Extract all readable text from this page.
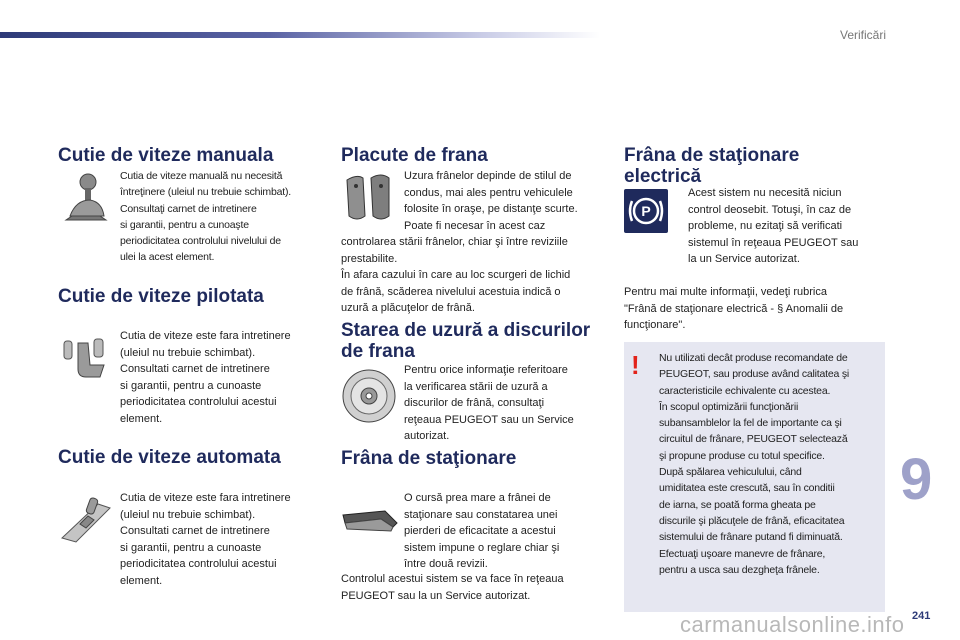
Verificări
Cutie de viteze manuala

Cutia de viteze manuală nu necesită
întreţinere (uleiul nu trebuie schimbat).
Consultaţi carnet de intretinere
si garantii, pentru a cunoaşte
periodicitatea controlului nivelului de
ulei la acest element.

Cutie de viteze pilotata

Cutia de viteze este fara intretinere
(uleiul nu trebuie schimbat).
Consultati carnet de intretinere
si garantii, pentru a cunoaste
periodicitatea controlului acestui
element.

Cutie de viteze automata

Cutia de viteze este fara intretinere
(uleiul nu trebuie schimbat).
Consultati carnet de intretinere
si garantii, pentru a cunoaste
periodicitatea controlului acestui
element.

Placute de frana

Uzura frânelor depinde de stilul de
condus, mai ales pentru vehiculele
folosite în oraşe, pe distanţe scurte.
Poate fi necesar în acest caz

controlarea stării frânelor, chiar şi între reviziile
prestabilite.
În afara cazului în care au loc scurgeri de lichid
de frână, scăderea nivelului acestuia indică o
uzură a plăcuţelor de frână.

Starea de uzură a discurilor
de frana

Pentru orice informaţie referitoare
la verificarea stării de uzură a
discurilor de frână, consultaţi
reţeaua PEUGEOT sau un Service
autorizat.

Frâna de staţionare

O cursă prea mare a frânei de
staţionare sau constatarea unei
pierderi de eficacitate a acestui
sistem impune o reglare chiar şi
între două revizii.

Controlul acestui sistem se va face în reţeaua
PEUGEOT sau la un Service autorizat.

Frâna de staţionare
electrică
P

Acest sistem nu necesită niciun
control deosebit. Totuşi, în caz de
probleme, nu ezitaţi să verificati
sistemul în reţeaua PEUGEOT sau
la un Service autorizat.

Pentru mai multe informaţii, vedeţi rubrica
"Frână de staţionare electrică - § Anomalii de
funcţionare".

! Nu utilizati decât produse recomandate de
PEUGEOT, sau produse având calitatea şi
caracteristicile echivalente cu acestea.
În scopul optimizării funcţionării
subansamblelor la fel de importante ca şi
circuitul de frânare, PEUGEOT selectează
şi propune produse cu totul specifice.
După spălarea vehiculului, când
umiditatea este crescută, sau în conditii
de iarna, se poată forma gheata pe
discurile şi plăcuţele de frână, eficacitatea
sistemului de frânare putand fi diminuată.
Efectuaţi uşoare manevre de frânare,
pentru a usca sau dezgheţa frânele.

9
carmanualsonline.info 241
